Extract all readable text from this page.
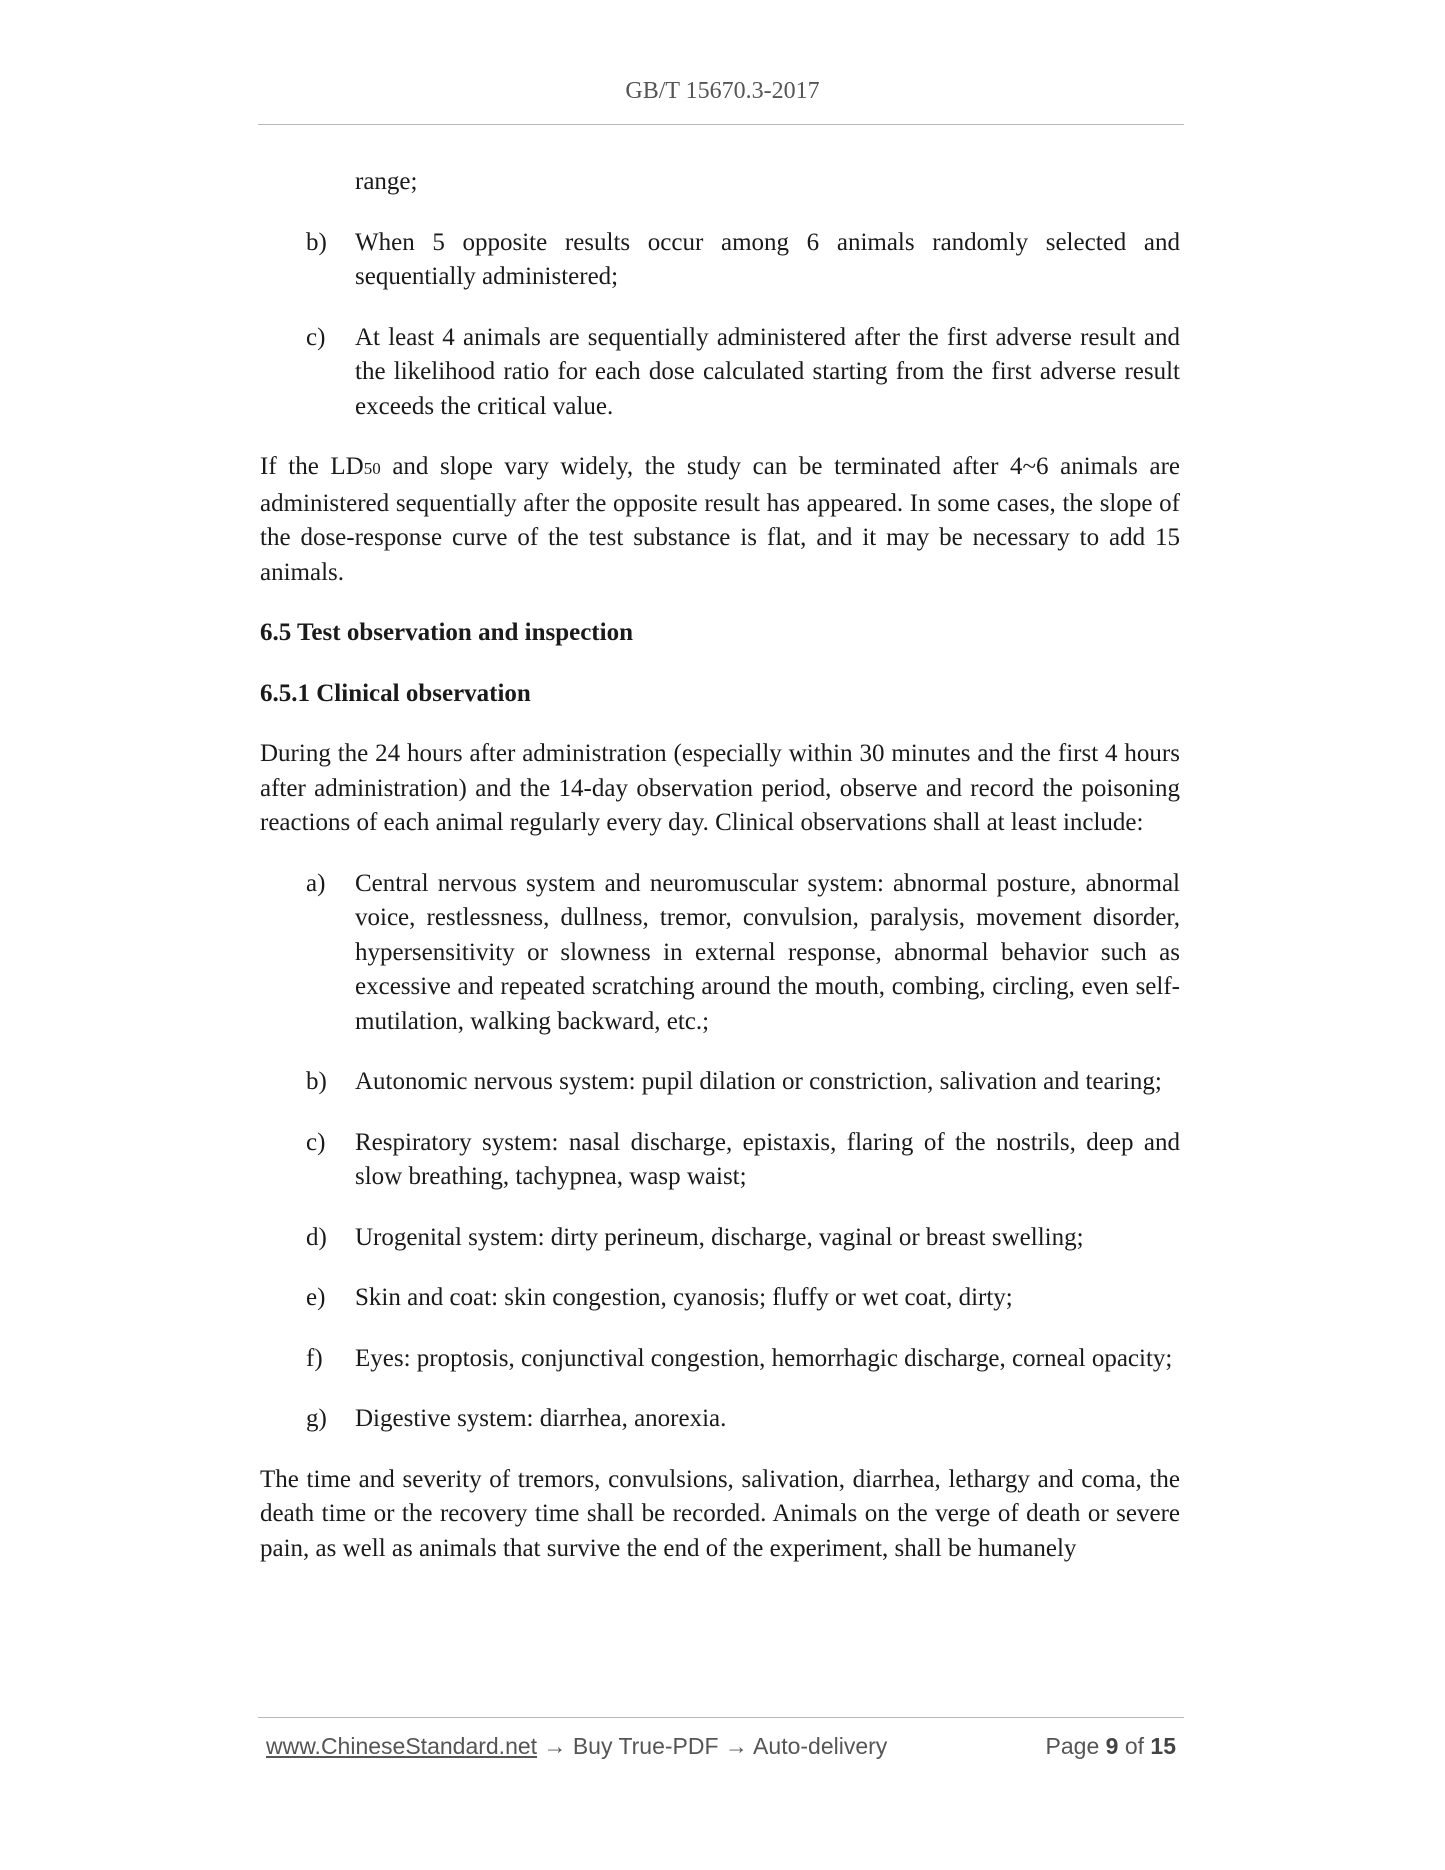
GB/T 15670.3-2017
range;
b) When 5 opposite results occur among 6 animals randomly selected and sequentially administered;
c) At least 4 animals are sequentially administered after the first adverse result and the likelihood ratio for each dose calculated starting from the first adverse result exceeds the critical value.
If the LD50 and slope vary widely, the study can be terminated after 4~6 animals are administered sequentially after the opposite result has appeared. In some cases, the slope of the dose-response curve of the test substance is flat, and it may be necessary to add 15 animals.
6.5 Test observation and inspection
6.5.1 Clinical observation
During the 24 hours after administration (especially within 30 minutes and the first 4 hours after administration) and the 14-day observation period, observe and record the poisoning reactions of each animal regularly every day. Clinical observations shall at least include:
a) Central nervous system and neuromuscular system: abnormal posture, abnormal voice, restlessness, dullness, tremor, convulsion, paralysis, movement disorder, hypersensitivity or slowness in external response, abnormal behavior such as excessive and repeated scratching around the mouth, combing, circling, even self-mutilation, walking backward, etc.;
b) Autonomic nervous system: pupil dilation or constriction, salivation and tearing;
c) Respiratory system: nasal discharge, epistaxis, flaring of the nostrils, deep and slow breathing, tachypnea, wasp waist;
d) Urogenital system: dirty perineum, discharge, vaginal or breast swelling;
e) Skin and coat: skin congestion, cyanosis; fluffy or wet coat, dirty;
f) Eyes: proptosis, conjunctival congestion, hemorrhagic discharge, corneal opacity;
g) Digestive system: diarrhea, anorexia.
The time and severity of tremors, convulsions, salivation, diarrhea, lethargy and coma, the death time or the recovery time shall be recorded. Animals on the verge of death or severe pain, as well as animals that survive the end of the experiment, shall be humanely
www.ChineseStandard.net → Buy True-PDF → Auto-delivery	Page 9 of 15
